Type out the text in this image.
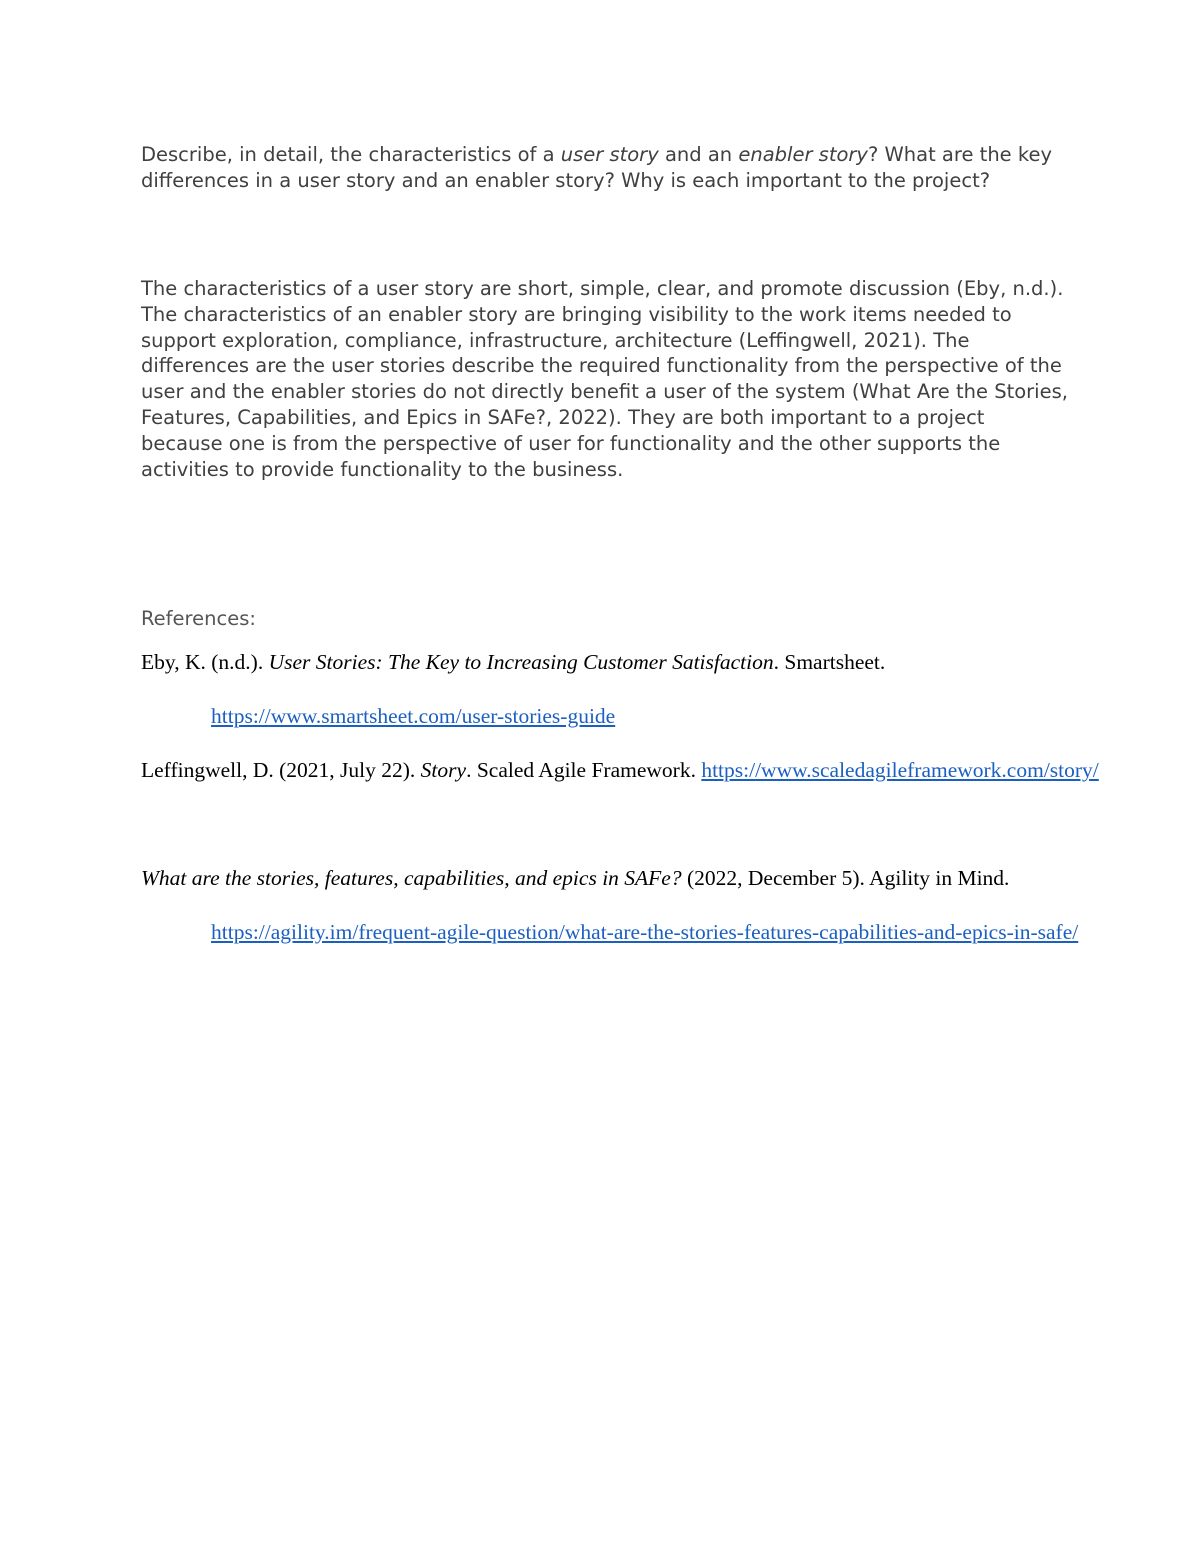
Describe, in detail, the characteristics of a user story and an enabler story? What are the key differences in a user story and an enabler story? Why is each important to the project?

The characteristics of a user story are short, simple, clear, and promote discussion (Eby, n.d.). The characteristics of an enabler story are bringing visibility to the work items needed to support exploration, compliance, infrastructure, architecture (Leffingwell, 2021). The differences are the user stories describe the required functionality from the perspective of the user and the enabler stories do not directly benefit a user of the system (What Are the Stories, Features, Capabilities, and Epics in SAFe?, 2022). They are both important to a project because one is from the perspective of user for functionality and the other supports the activities to provide functionality to the business.

References:

Eby, K. (n.d.). User Stories: The Key to Increasing Customer Satisfaction. Smartsheet. https://www.smartsheet.com/user-stories-guide

Leffingwell, D. (2021, July 22). Story. Scaled Agile Framework. https://www.scaledagileframework.com/story/

What are the stories, features, capabilities, and epics in SAFe? (2022, December 5). Agility in Mind. https://agility.im/frequent-agile-question/what-are-the-stories-features-capabilities-and-epics-in-safe/
